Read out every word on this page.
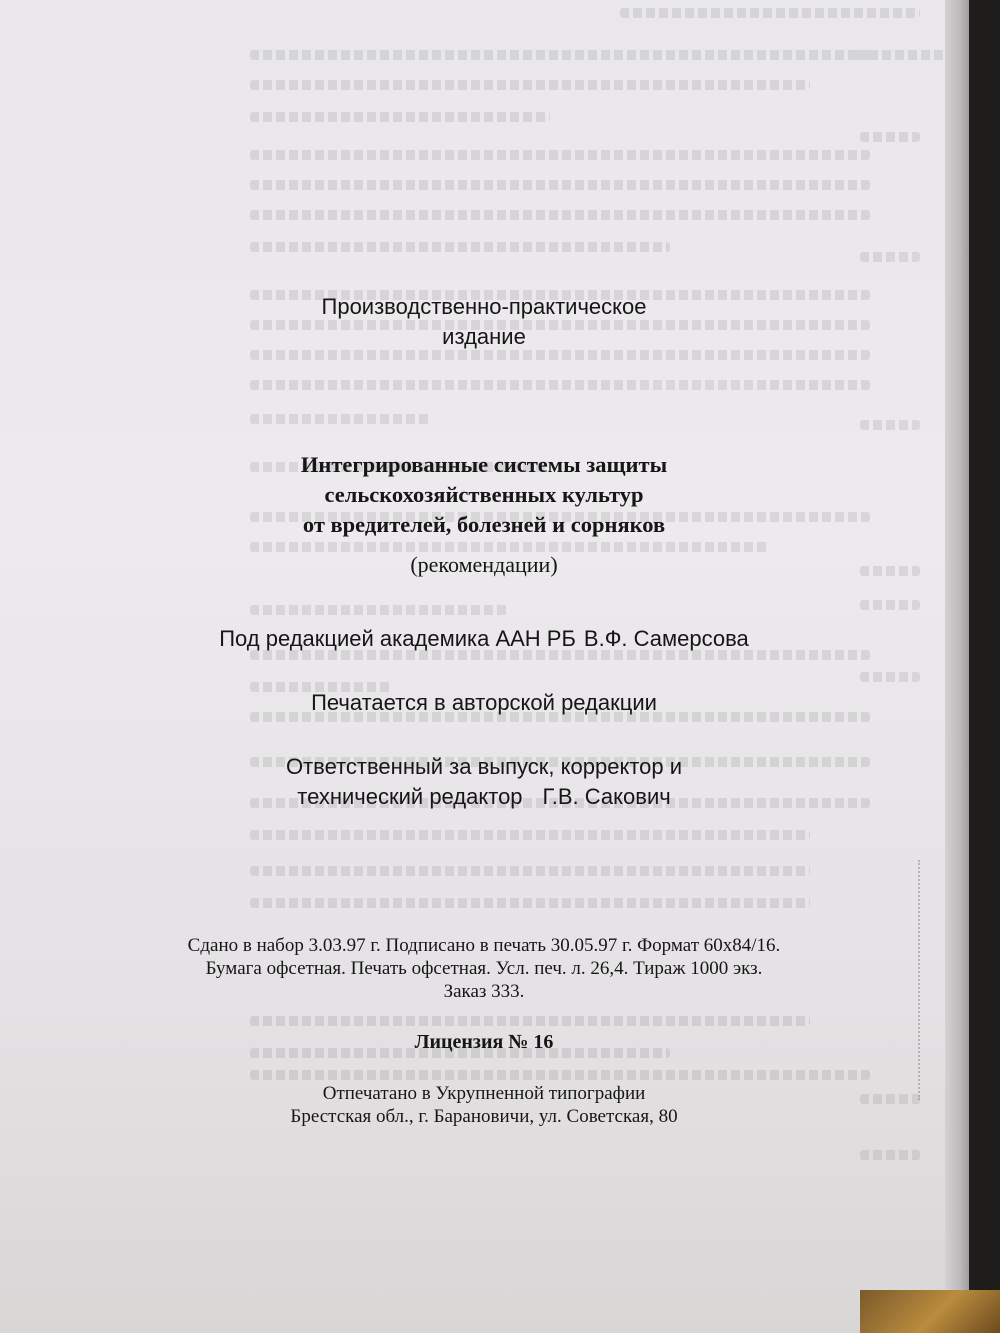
Производственно-практическое
издание
Интегрированные системы защиты
сельскохозяйственных культур
от вредителей, болезней и сорняков
(рекомендации)
Под редакцией академика ААН РБ В.Ф. Самерсова
Печатается в авторской редакции
Ответственный за выпуск, корректор и
технический редактор Г.В. Сакович
Сдано в набор 3.03.97 г. Подписано в печать 30.05.97 г. Формат 60х84/16.
Бумага офсетная. Печать офсетная. Усл. печ. л. 26,4. Тираж 1000 экз.
Заказ 333.
Лицензия № 16
Отпечатано в Укрупненной типографии
Брестская обл., г. Барановичи, ул. Советская, 80
